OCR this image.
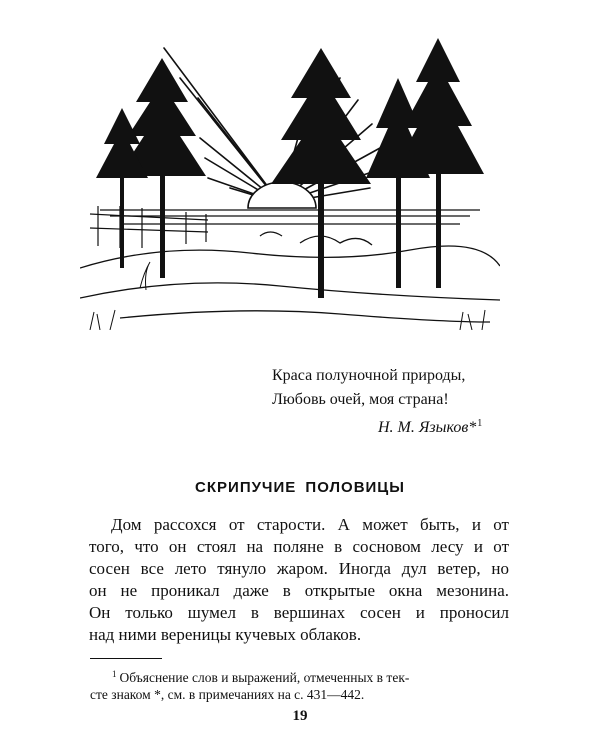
Краса полуночной природы,
Любовь очей, моя страна!
Н. М. Языков*$^1$
СКРИПУЧИЕ ПОЛОВИЦЫ
Дом рассохся от старости. А может быть, и от
того, что он стоял на поляне в сосновом лесу и от
сосен все лето тянуло жаром. Иногда дул ветер, но
он не проникал даже в открытые окна мезонина.
Он только шумел в вершинах сосен и проносил
над ними вереницы кучевых облаков.
$^1$ Объяснение слов и выражений, отмеченных в тек-
сте знаком *, см. в примечаниях на с. 431—442.
19
